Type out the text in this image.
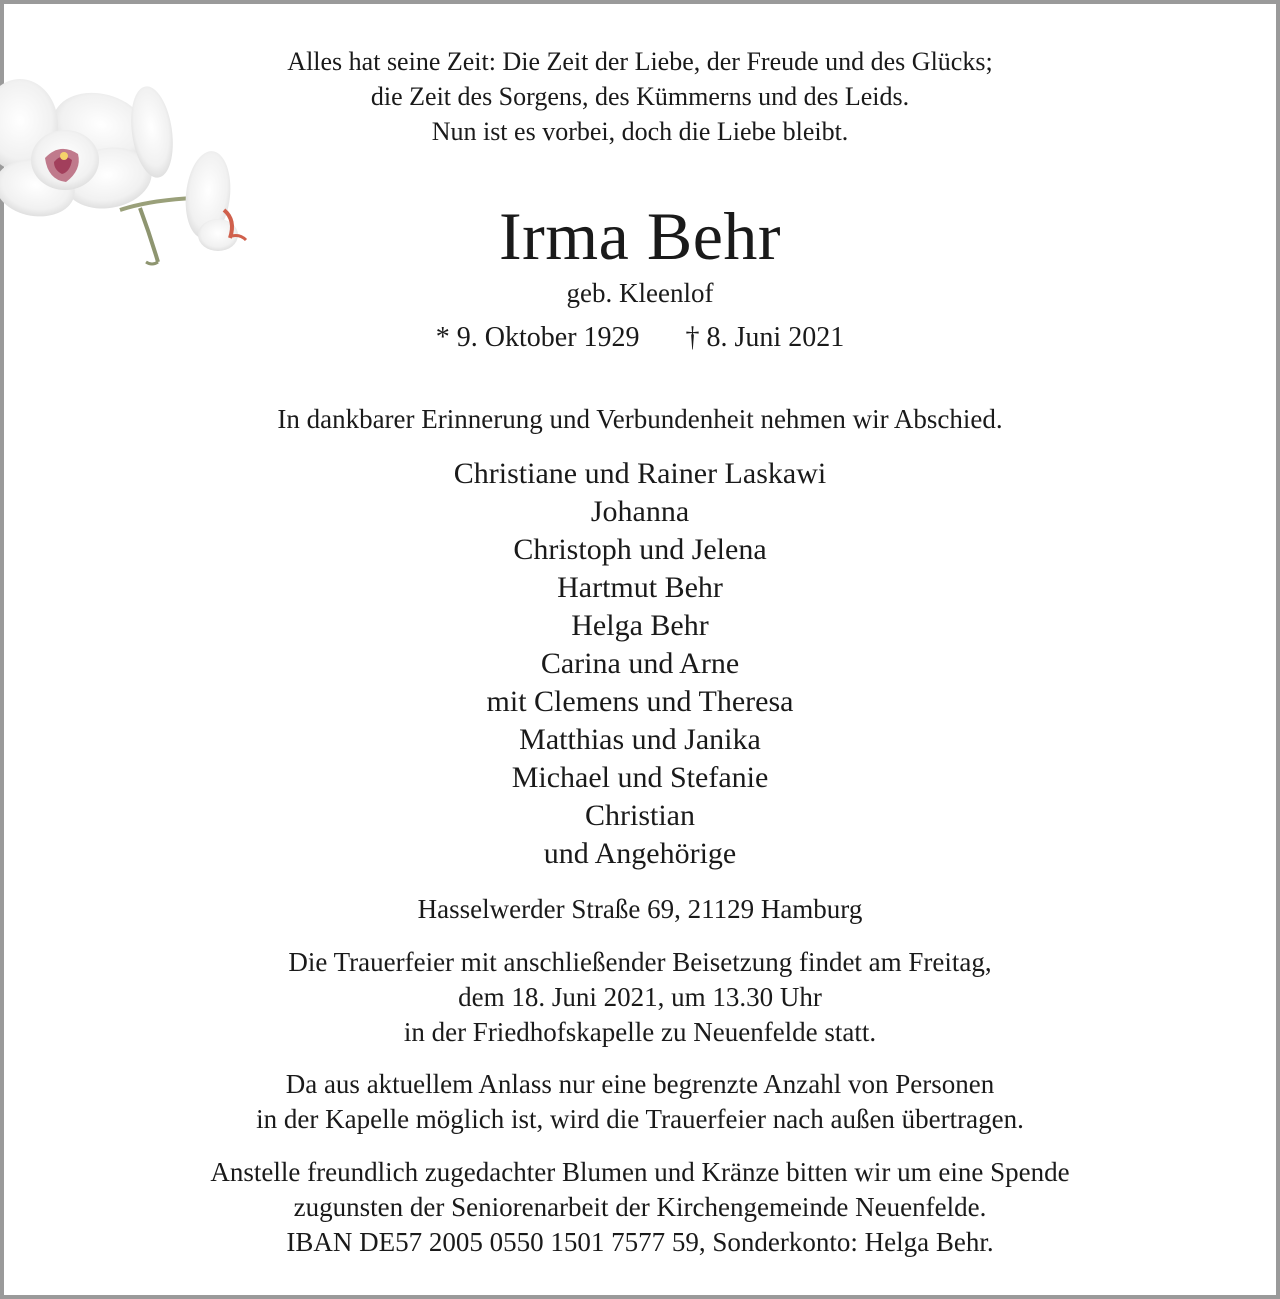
Alles hat seine Zeit: Die Zeit der Liebe, der Freude und des Glücks;
die Zeit des Sorgens, des Kümmerns und des Leids.
Nun ist es vorbei, doch die Liebe bleibt.
Irma Behr
geb. Kleenlof
* 9. Oktober 1929 † 8. Juni 2021
In dankbarer Erinnerung und Verbundenheit nehmen wir Abschied.
Christiane und Rainer Laskawi
Johanna
Christoph und Jelena
Hartmut Behr
Helga Behr
Carina und Arne
mit Clemens und Theresa
Matthias und Janika
Michael und Stefanie
Christian
und Angehörige
Hasselwerder Straße 69, 21129 Hamburg
Die Trauerfeier mit anschließender Beisetzung findet am Freitag,
dem 18. Juni 2021, um 13.30 Uhr
in der Friedhofskapelle zu Neuenfelde statt.
Da aus aktuellem Anlass nur eine begrenzte Anzahl von Personen
in der Kapelle möglich ist, wird die Trauerfeier nach außen übertragen.
Anstelle freundlich zugedachter Blumen und Kränze bitten wir um eine Spende
zugunsten der Seniorenarbeit der Kirchengemeinde Neuenfelde.
IBAN DE57 2005 0550 1501 7577 59, Sonderkonto: Helga Behr.
